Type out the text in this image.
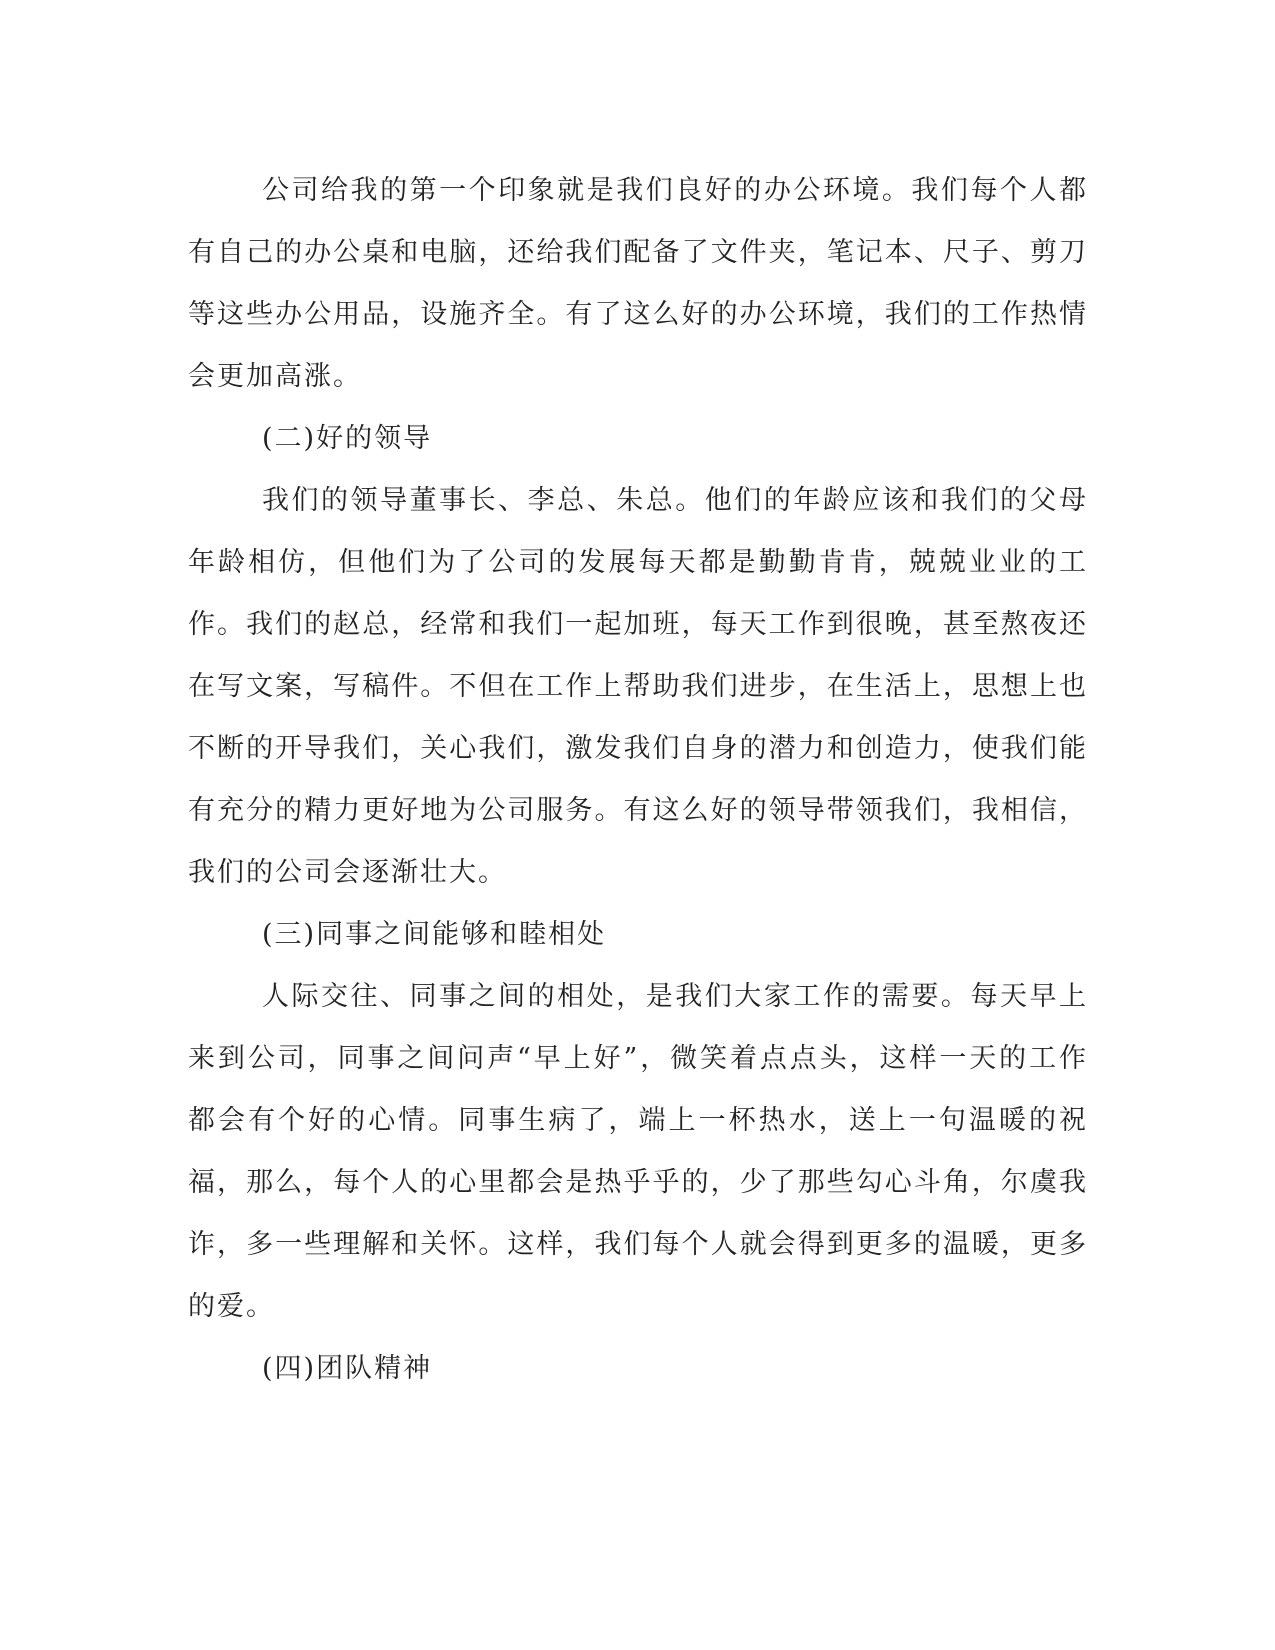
公司给我的第一个印象就是我们良好的办公环境。我们每个人都有自己的办公桌和电脑，还给我们配备了文件夹，笔记本、尺子、剪刀等这些办公用品，设施齐全。有了这么好的办公环境，我们的工作热情会更加高涨。

(二)好的领导

我们的领导董事长、李总、朱总。他们的年龄应该和我们的父母年龄相仿，但他们为了公司的发展每天都是勤勤肯肯，兢兢业业的工作。我们的赵总，经常和我们一起加班，每天工作到很晚，甚至熬夜还在写文案，写稿件。不但在工作上帮助我们进步，在生活上，思想上也不断的开导我们，关心我们，激发我们自身的潜力和创造力，使我们能有充分的精力更好地为公司服务。有这么好的领导带领我们，我相信，我们的公司会逐渐壮大。

(三)同事之间能够和睦相处

人际交往、同事之间的相处，是我们大家工作的需要。每天早上来到公司，同事之间问声“早上好”，微笑着点点头，这样一天的工作都会有个好的心情。同事生病了，端上一杯热水，送上一句温暖的祝福，那么，每个人的心里都会是热乎乎的，少了那些勾心斗角，尔虞我诈，多一些理解和关怀。这样，我们每个人就会得到更多的温暖，更多的爱。

(四)团队精神
